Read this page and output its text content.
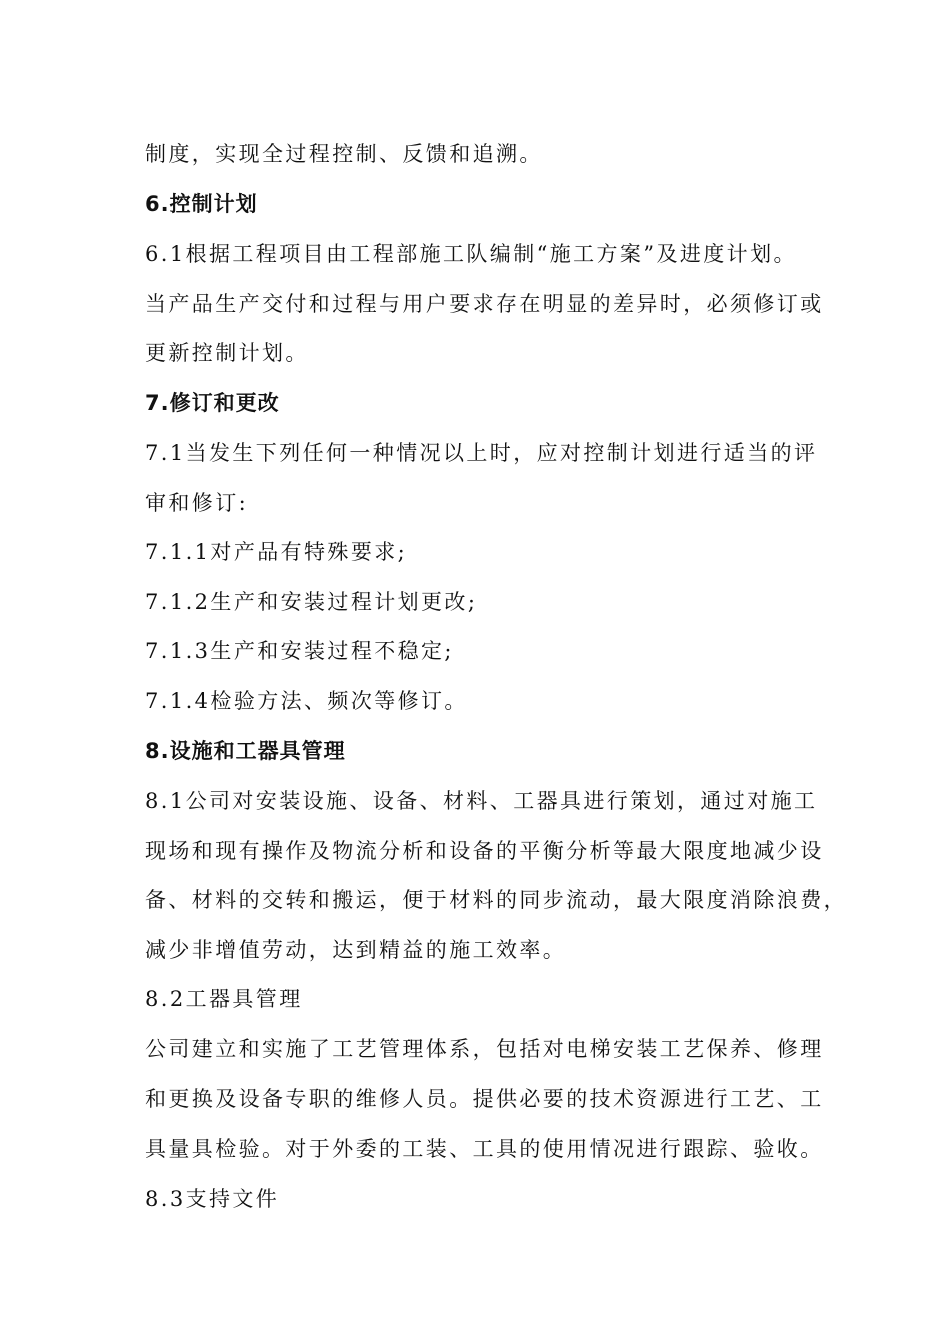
制度，实现全过程控制、反馈和追溯。
6.控制计划
6.1根据工程项目由工程部施工队编制“施工方案”及进度计划。
当产品生产交付和过程与用户要求存在明显的差异时，必须修订或
更新控制计划。
7.修订和更改
7.1当发生下列任何一种情况以上时，应对控制计划进行适当的评
审和修订:
7.1.1对产品有特殊要求;
7.1.2生产和安装过程计划更改;
7.1.3生产和安装过程不稳定;
7.1.4检验方法、频次等修订。
8.设施和工器具管理
8.1公司对安装设施、设备、材料、工器具进行策划，通过对施工
现场和现有操作及物流分析和设备的平衡分析等最大限度地减少设
备、材料的交转和搬运，便于材料的同步流动，最大限度消除浪费，
减少非增值劳动，达到精益的施工效率。
8.2工器具管理
公司建立和实施了工艺管理体系，包括对电梯安装工艺保养、修理
和更换及设备专职的维修人员。提供必要的技术资源进行工艺、工
具量具检验。对于外委的工装、工具的使用情况进行跟踪、验收。
8.3支持文件
